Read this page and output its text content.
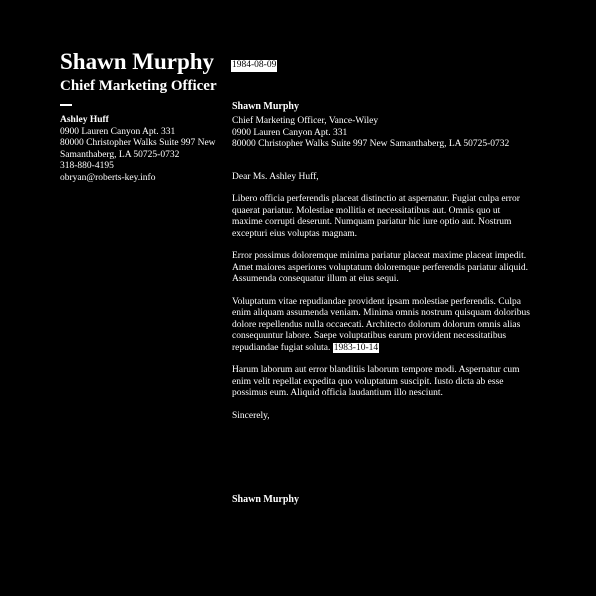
Shawn Murphy
Chief Marketing Officer
Ashley Huff
0900 Lauren Canyon Apt. 331
80000 Christopher Walks Suite 997 New
Samanthaberg, LA 50725-0732
318-880-4195
obryan@roberts-key.info
1984-08-09
Shawn Murphy
Chief Marketing Officer, Vance-Wiley
0900 Lauren Canyon Apt. 331
80000 Christopher Walks Suite 997 New Samanthaberg, LA 50725-0732
Dear Ms. Ashley Huff,

Libero officia perferendis placeat distinctio at aspernatur. Fugiat culpa error quaerat pariatur. Molestiae mollitia et necessitatibus aut. Omnis quo ut maxime corrupti deserunt. Numquam pariatur hic iure optio aut. Nostrum excepturi eius voluptas magnam.

Error possimus doloremque minima pariatur placeat maxime placeat impedit. Amet maiores asperiores voluptatum doloremque perferendis pariatur aliquid. Assumenda consequatur illum at eius sequi.

Voluptatum vitae repudiandae provident ipsam molestiae perferendis. Culpa enim aliquam assumenda veniam. Minima omnis nostrum quisquam doloribus dolore repellendus nulla occaecati. Architecto dolorum dolorum omnis alias consequuntur labore. Saepe voluptatibus earum provident necessitatibus repudiandae fugiat soluta. 1983-10-14

Harum laborum aut error blanditiis laborum tempore modi. Aspernatur cum enim velit repellat expedita quo voluptatum suscipit. Iusto dicta ab esse possimus eum. Aliquid officia laudantium illo nesciunt.

Sincerely,
Shawn Murphy
